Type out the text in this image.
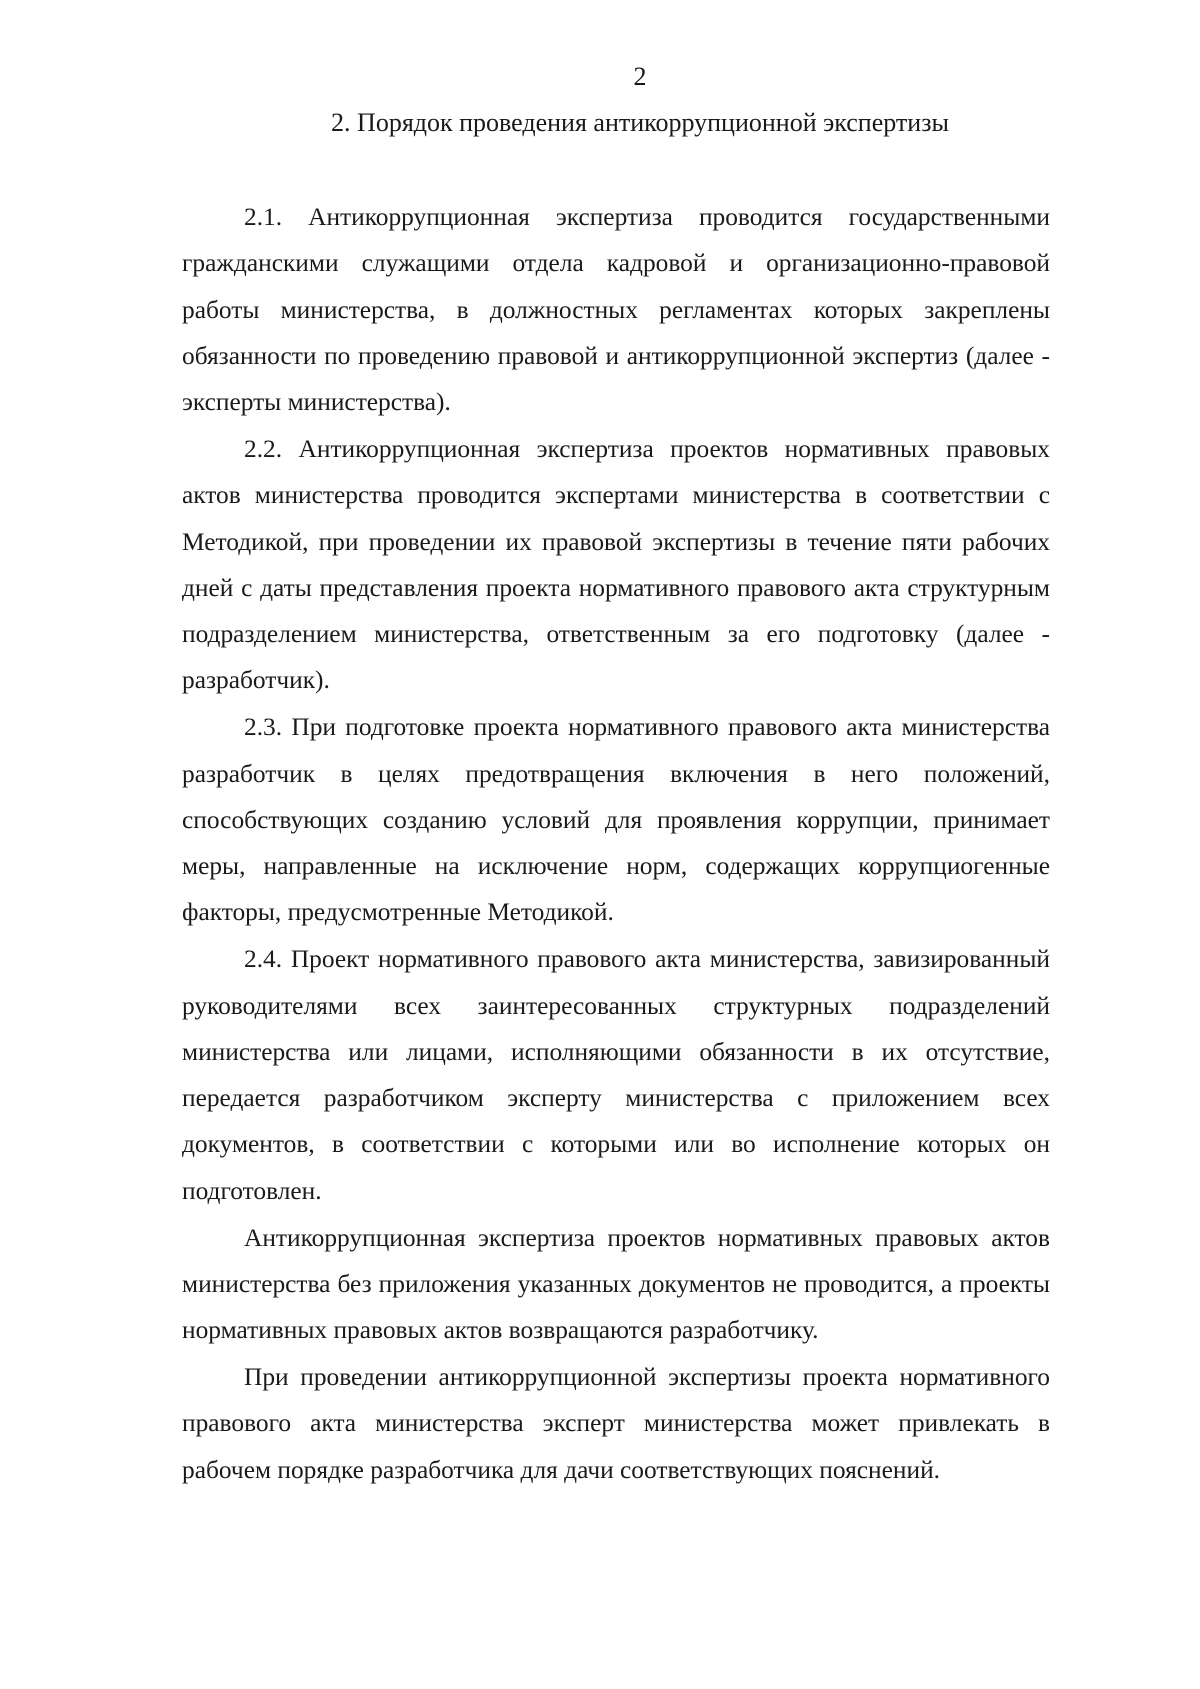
2
2. Порядок проведения антикоррупционной экспертизы

2.1. Антикоррупционная экспертиза проводится государственными гражданскими служащими отдела кадровой и организационно-правовой работы министерства, в должностных регламентах которых закреплены обязанности по проведению правовой и антикоррупционной экспертиз (далее - эксперты министерства).

2.2. Антикоррупционная экспертиза проектов нормативных правовых актов министерства проводится экспертами министерства в соответствии с Методикой, при проведении их правовой экспертизы в течение пяти рабочих дней с даты представления проекта нормативного правового акта структурным подразделением министерства, ответственным за его подготовку (далее - разработчик).

2.3. При подготовке проекта нормативного правового акта министерства разработчик в целях предотвращения включения в него положений, способствующих созданию условий для проявления коррупции, принимает меры, направленные на исключение норм, содержащих коррупциогенные факторы, предусмотренные Методикой.

2.4. Проект нормативного правового акта министерства, завизированный руководителями всех заинтересованных структурных подразделений министерства или лицами, исполняющими обязанности в их отсутствие, передается разработчиком эксперту министерства с приложением всех документов, в соответствии с которыми или во исполнение которых он подготовлен.

Антикоррупционная экспертиза проектов нормативных правовых актов министерства без приложения указанных документов не проводится, а проекты нормативных правовых актов возвращаются разработчику.

При проведении антикоррупционной экспертизы проекта нормативного правового акта министерства эксперт министерства может привлекать в рабочем порядке разработчика для дачи соответствующих пояснений.
